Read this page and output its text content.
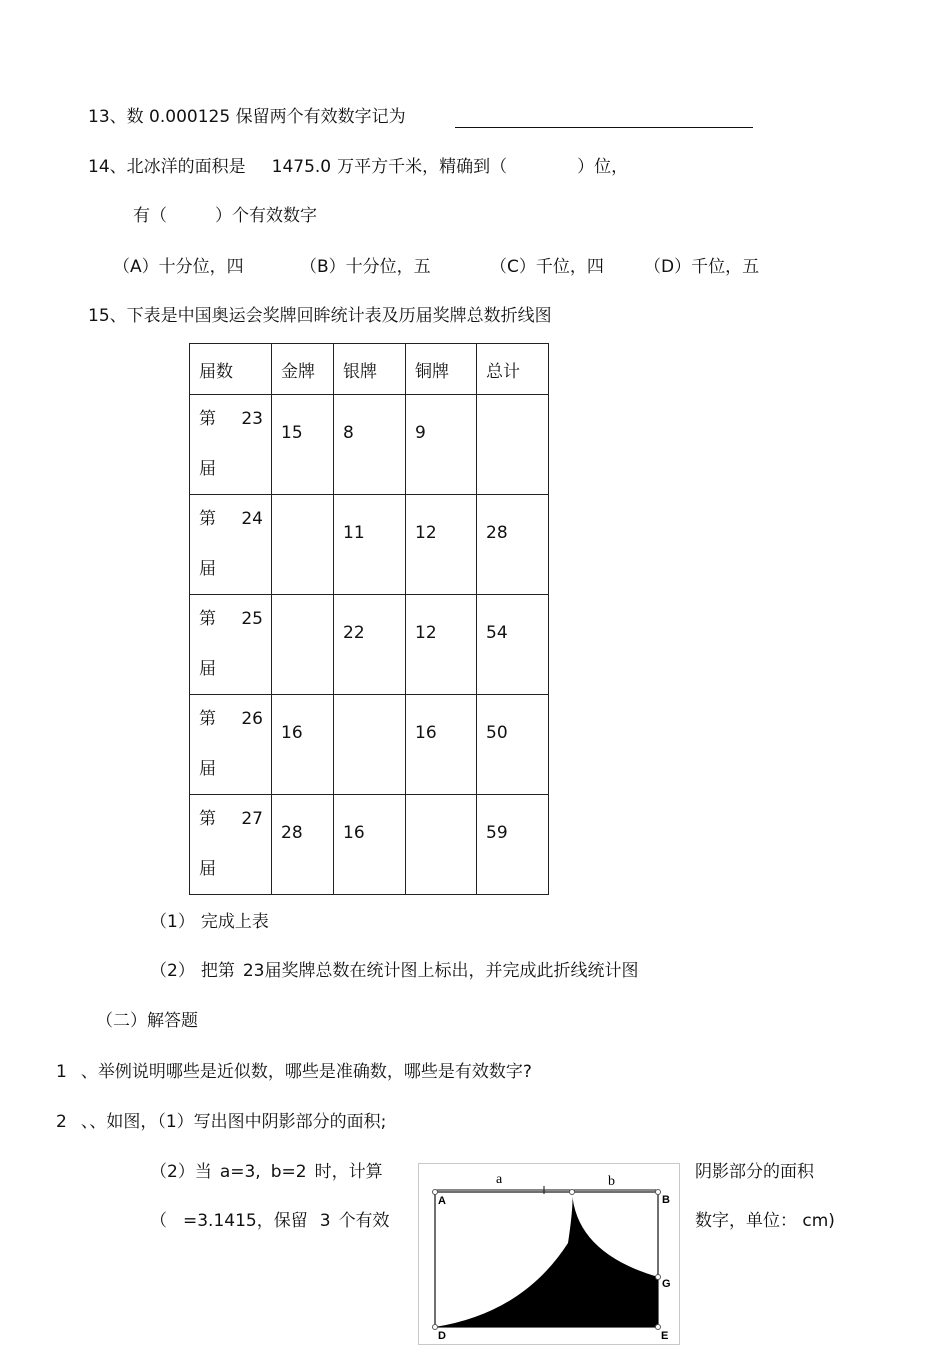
13、数 0.000125 保留两个有效数字记为
14、北冰洋的面积是 1475.0 万平方千米，精确到（	）位，
有（	）个有效数字
（A）十分位，四	（B）十分位，五	（C）千位，四 （D）千位，五
15、下表是中国奥运会奖牌回眸统计表及历届奖牌总数折线图
届数	金牌	银牌	铜牌	总计

第 23
届	15	8	9	

第 24
届		11	12	28

第 25
届		22	12	54

第 26
届	16		16	50

第 27
届	28	16		59
（1） 完成上表
（2） 把第 23届奖牌总数在统计图上标出，并完成此折线统计图
（二）解答题
1 、举例说明哪些是近似数，哪些是准确数，哪些是有效数字?
2 、、如图，（1）写出图中阴影部分的面积;
（2）当 a=3, b=2 时，计算	阴影部分的面积
（ =3.1415，保留 3 个有效	数字，单位： cm)
a	b
A	F	B
G
D	E
